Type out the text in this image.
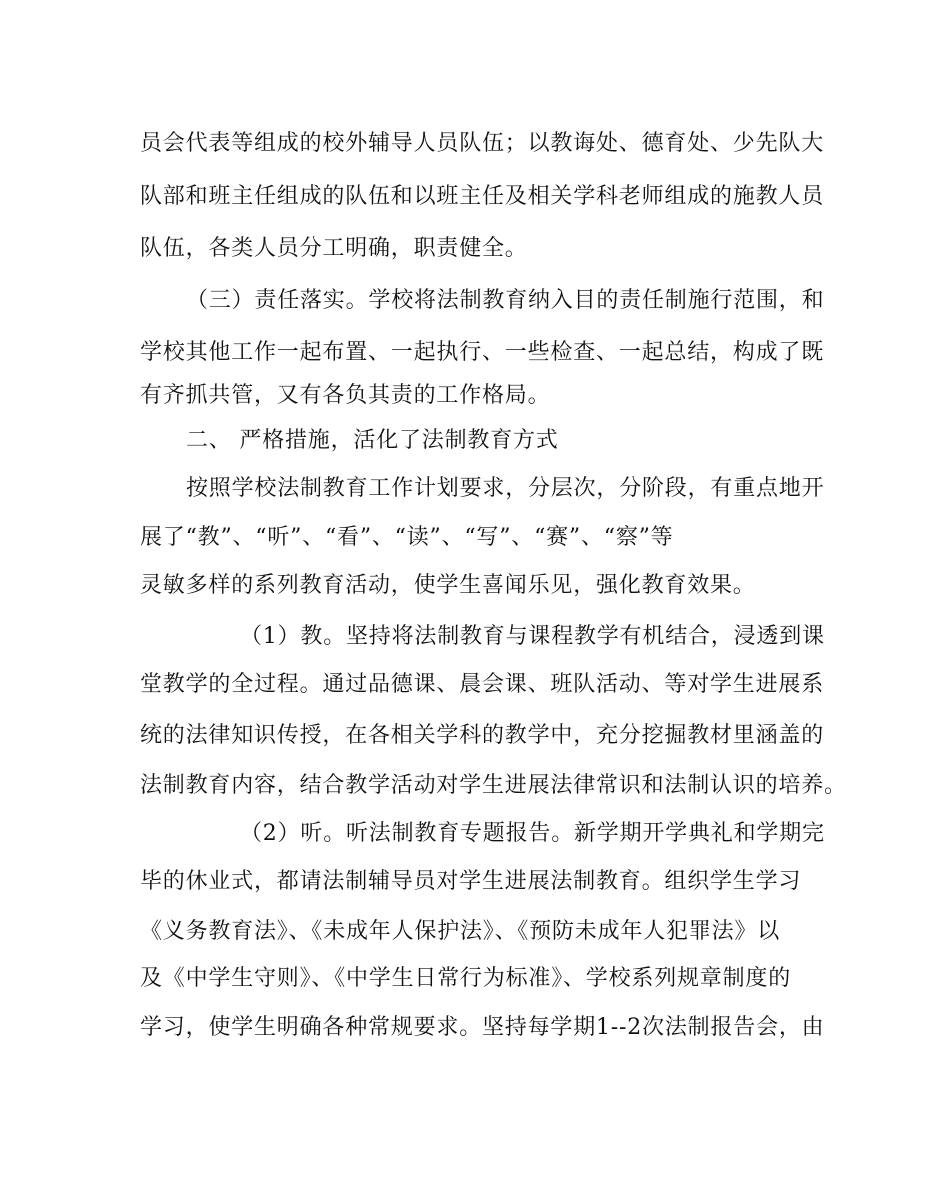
员会代表等组成的校外辅导人员队伍；以教诲处、德育处、少先队大
队部和班主任组成的队伍和以班主任及相关学科老师组成的施教人员
队伍，各类人员分工明确，职责健全。
（三）责任落实。学校将法制教育纳入目的责任制施行范围，和
学校其他工作一起布置、一起执行、一些检查、一起总结，构成了既
有齐抓共管，又有各负其责的工作格局。
二、 严格措施，活化了法制教育方式
按照学校法制教育工作计划要求，分层次，分阶段，有重点地开
展了“教”、“听”、“看”、“读”、“写”、“赛”、“察”等
灵敏多样的系列教育活动，使学生喜闻乐见，强化教育效果。
（1）教。坚持将法制教育与课程教学有机结合，浸透到课
堂教学的全过程。通过品德课、晨会课、班队活动、等对学生进展系
统的法律知识传授，在各相关学科的教学中，充分挖掘教材里涵盖的
法制教育内容，结合教学活动对学生进展法律常识和法制认识的培养。
（2）听。听法制教育专题报告。新学期开学典礼和学期完
毕的休业式，都请法制辅导员对学生进展法制教育。组织学生学习
《义务教育法》、《未成年人保护法》、《预防未成年人犯罪法》以
及《中学生守则》、《中学生日常行为标准》、学校系列规章制度的
学习，使学生明确各种常规要求。坚持每学期1--2次法制报告会，由
